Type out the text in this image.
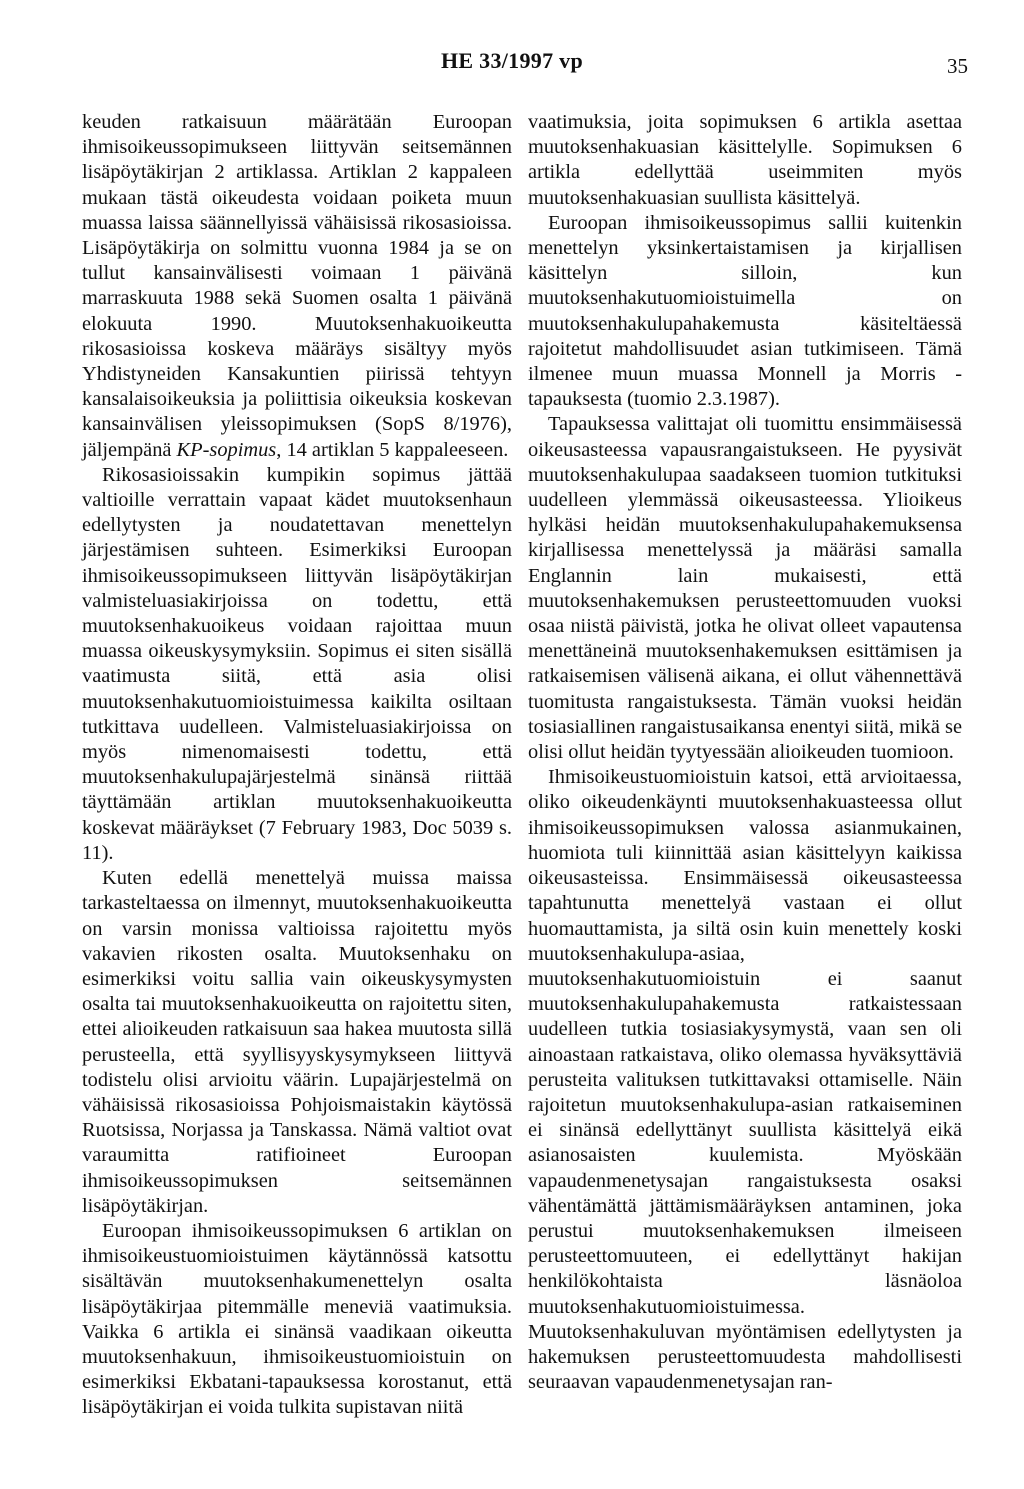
HE 33/1997 vp	35

keuden ratkaisuun määrätään Euroopan ihmisoikeussopimukseen liittyvän seitsemännen lisäpöytäkirjan 2 artiklassa. Artiklan 2 kappaleen mukaan tästä oikeudesta voidaan poiketa muun muassa laissa säännellyissä vähäisissä rikosasioissa. Lisäpöytäkirja on solmittu vuonna 1984 ja se on tullut kansainvälisesti voimaan 1 päivänä marraskuuta 1988 sekä Suomen osalta 1 päivänä elokuuta 1990. Muutoksenhakuoikeutta rikosasioissa koskeva määräys sisältyy myös Yhdistyneiden Kansakuntien piirissä tehtyyn kansalaisoikeuksia ja poliittisia oikeuksia koskevan kansainvälisen yleissopimuksen (SopS 8/1976), jäljempänä KP-sopimus, 14 artiklan 5 kappaleeseen.

Rikosasioissakin kumpikin sopimus jättää valtioille verrattain vapaat kädet muutoksenhaun edellytysten ja noudatettavan menettelyn järjestämisen suhteen. Esimerkiksi Euroopan ihmisoikeussopimukseen liittyvän lisäpöytäkirjan valmisteluasiakirjoissa on todettu, että muutoksenhakuoikeus voidaan rajoittaa muun muassa oikeuskysymyksiin. Sopimus ei siten sisällä vaatimusta siitä, että asia olisi muutoksenhakutuomioistuimessa kaikilta osiltaan tutkittava uudelleen. Valmisteluasiakirjoissa on myös nimenomaisesti todettu, että muutoksenhakulupajärjestelmä sinänsä riittää täyttämään artiklan muutoksenhakuoikeutta koskevat määräykset (7 February 1983, Doc 5039 s. 11).

Kuten edellä menettelyä muissa maissa tarkasteltaessa on ilmennyt, muutoksenhakuoikeutta on varsin monissa valtioissa rajoitettu myös vakavien rikosten osalta. Muutoksenhaku on esimerkiksi voitu sallia vain oikeuskysymysten osalta tai muutoksenhakuoikeutta on rajoitettu siten, ettei alioikeuden ratkaisuun saa hakea muutosta sillä perusteella, että syyllisyyskysymykseen liittyvä todistelu olisi arvioitu väärin. Lupajärjestelmä on vähäisissä rikosasioissa Pohjoismaistakin käytössä Ruotsissa, Norjassa ja Tanskassa. Nämä valtiot ovat varaumitta ratifioineet Euroopan ihmisoikeussopimuksen seitsemännen lisäpöytäkirjan.

Euroopan ihmisoikeussopimuksen 6 artiklan on ihmisoikeustuomioistuimen käytännössä katsottu sisältävän muutoksenhakumenettelyn osalta lisäpöytäkirjaa pitemmälle meneviä vaatimuksia. Vaikka 6 artikla ei sinänsä vaadikaan oikeutta muutoksenhakuun, ihmisoikeustuomioistuin on esimerkiksi Ekbatani-tapauksessa korostanut, että lisäpöytäkirjan ei voida tulkita supistavan niitä

vaatimuksia, joita sopimuksen 6 artikla asettaa muutoksenhakuasian käsittelylle. Sopimuksen 6 artikla edellyttää useimmiten myös muutoksenhakuasian suullista käsittelyä.

Euroopan ihmisoikeussopimus sallii kuitenkin menettelyn yksinkertaistamisen ja kirjallisen käsittelyn silloin, kun muutoksenhakutuomioistuimella on muutoksenhakulupahakemusta käsiteltäessä rajoitetut mahdollisuudet asian tutkimiseen. Tämä ilmenee muun muassa Monnell ja Morris -tapauksesta (tuomio 2.3.1987).

Tapauksessa valittajat oli tuomittu ensimmäisessä oikeusasteessa vapausrangaistukseen. He pyysivät muutoksenhakulupaa saadakseen tuomion tutkituksi uudelleen ylemmässä oikeusasteessa. Ylioikeus hylkäsi heidän muutoksenhakulupahakemuksensa kirjallisessa menettelyssä ja määräsi samalla Englannin lain mukaisesti, että muutoksenhakemuksen perusteettomuuden vuoksi osaa niistä päivistä, jotka he olivat olleet vapautensa menettäneinä muutoksenhakemuksen esittämisen ja ratkaisemisen välisenä aikana, ei ollut vähennettävä tuomitusta rangaistuksesta. Tämän vuoksi heidän tosiasiallinen rangaistusaikansa enentyi siitä, mikä se olisi ollut heidän tyytyessään alioikeuden tuomioon.

Ihmisoikeustuomioistuin katsoi, että arvioitaessa, oliko oikeudenkäynti muutoksenhakuasteessa ollut ihmisoikeussopimuksen valossa asianmukainen, huomiota tuli kiinnittää asian käsittelyyn kaikissa oikeusasteissa. Ensimmäisessä oikeusasteessa tapahtunutta menettelyä vastaan ei ollut huomauttamista, ja siltä osin kuin menettely koski muutoksenhakulupa-asiaa, muutoksenhakutuomioistuin ei saanut muutoksenhakulupahakemusta ratkaistessaan uudelleen tutkia tosiasiakysymystä, vaan sen oli ainoastaan ratkaistava, oliko olemassa hyväksyttäviä perusteita valituksen tutkittavaksi ottamiselle. Näin rajoitetun muutoksenhakulupa-asian ratkaiseminen ei sinänsä edellyttänyt suullista käsittelyä eikä asianosaisten kuulemista. Myöskään vapaudenmenetysajan rangaistuksesta osaksi vähentämättä jättämismääräyksen antaminen, joka perustui muutoksenhakemuksen ilmeiseen perusteettomuuteen, ei edellyttänyt hakijan henkilökohtaista läsnäoloa muutoksenhakutuomioistuimessa. Muutoksenhakuluvan myöntämisen edellytysten ja hakemuksen perusteettomuudesta mahdollisesti seuraavan vapaudenmenetysajan ran-
